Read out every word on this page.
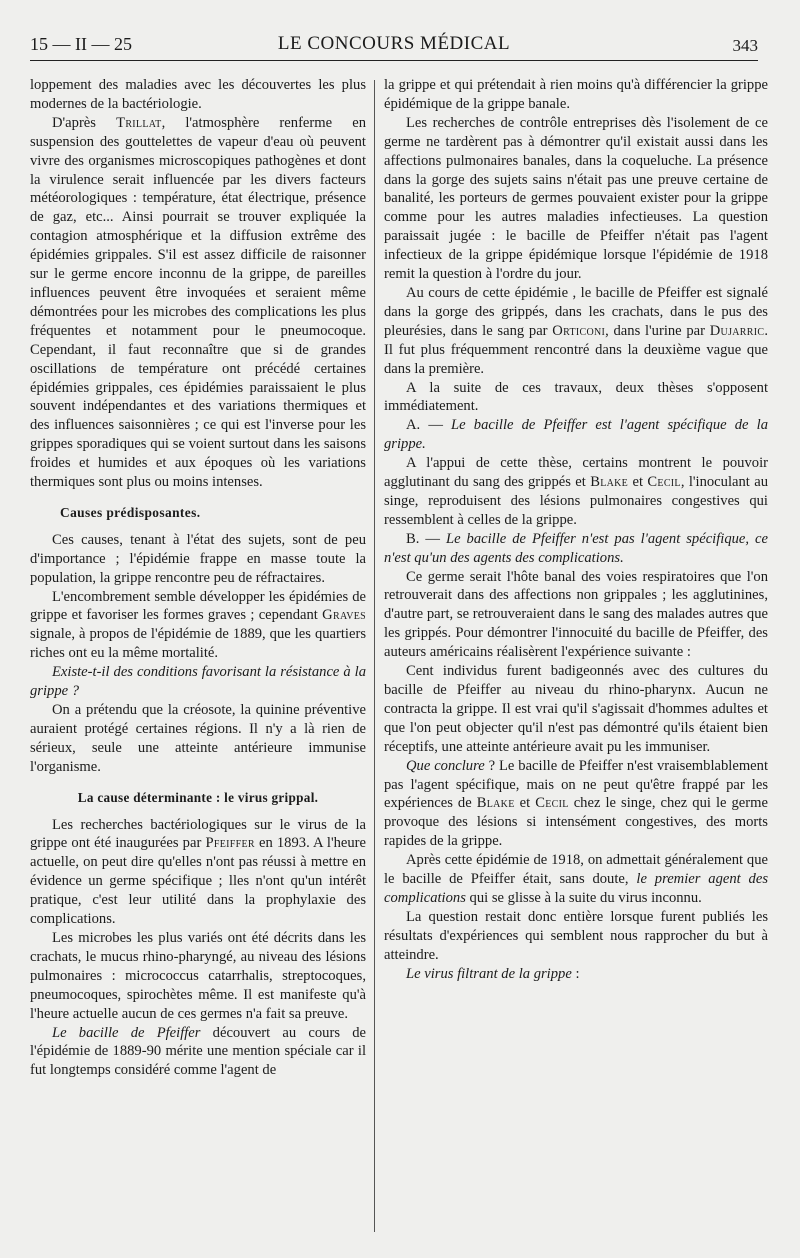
15 — II — 25	LE CONCOURS MÉDICAL	343

loppement des maladies avec les découvertes les plus modernes de la bactériologie.

D'après Trillat, l'atmosphère renferme en suspension des gouttelettes de vapeur d'eau où peuvent vivre des organismes microscopiques pathogènes et dont la virulence serait influencée par les divers facteurs météorologiques : température, état électrique, présence de gaz, etc... Ainsi pourrait se trouver expliquée la contagion atmosphérique et la diffusion extrême des épidémies grippales. S'il est assez difficile de raisonner sur le germe encore inconnu de la grippe, de pareilles influences peuvent être invoquées et seraient même démontrées pour les microbes des complications les plus fréquentes et notamment pour le pneumocoque. Cependant, il faut reconnaître que si de grandes oscillations de température ont précédé certaines épidémies grippales, ces épidémies paraissaient le plus souvent indépendantes et des variations thermiques et des influences saisonnières ; ce qui est l'inverse pour les grippes sporadiques qui se voient surtout dans les saisons froides et humides et aux époques où les variations thermiques sont plus ou moins intenses.

Causes prédisposantes.

Ces causes, tenant à l'état des sujets, sont de peu d'importance ; l'épidémie frappe en masse toute la population, la grippe rencontre peu de réfractaires.

L'encombrement semble développer les épidémies de grippe et favoriser les formes graves ; cependant Graves signale, à propos de l'épidémie de 1889, que les quartiers riches ont eu la même mortalité.

Existe-t-il des conditions favorisant la résistance à la grippe ?

On a prétendu que la créosote, la quinine préventive auraient protégé certaines régions. Il n'y a là rien de sérieux, seule une atteinte antérieure immunise l'organisme.

La cause déterminante : le virus grippal.

Les recherches bactériologiques sur le virus de la grippe ont été inaugurées par Pfeiffer en 1893. A l'heure actuelle, on peut dire qu'elles n'ont pas réussi à mettre en évidence un germe spécifique ; lles n'ont qu'un intérêt pratique, c'est leur utilité dans la prophylaxie des complications.

Les microbes les plus variés ont été décrits dans les crachats, le mucus rhino-pharyngé, au niveau des lésions pulmonaires : micrococcus catarrhalis, streptocoques, pneumocoques, spirochètes même. Il est manifeste qu'à l'heure actuelle aucun de ces germes n'a fait sa preuve.

Le bacille de Pfeiffer découvert au cours de l'épidémie de 1889-90 mérite une mention spéciale car il fut longtemps considéré comme l'agent de

la grippe et qui prétendait à rien moins qu'à différencier la grippe épidémique de la grippe banale.

Les recherches de contrôle entreprises dès l'isolement de ce germe ne tardèrent pas à démontrer qu'il existait aussi dans les affections pulmonaires banales, dans la coqueluche. La présence dans la gorge des sujets sains n'était pas une preuve certaine de banalité, les porteurs de germes pouvaient exister pour la grippe comme pour les autres maladies infectieuses. La question paraissait jugée : le bacille de Pfeiffer n'était pas l'agent infectieux de la grippe épidémique lorsque l'épidémie de 1918 remit la question à l'ordre du jour.

Au cours de cette épidémie , le bacille de Pfeiffer est signalé dans la gorge des grippés, dans les crachats, dans le pus des pleurésies, dans le sang par Orticoni, dans l'urine par Dujarric. Il fut plus fréquemment rencontré dans la deuxième vague que dans la première.

A la suite de ces travaux, deux thèses s'opposent immédiatement.

A. — Le bacille de Pfeiffer est l'agent spécifique de la grippe.

A l'appui de cette thèse, certains montrent le pouvoir agglutinant du sang des grippés et Blake et Cecil, l'inoculant au singe, reproduisent des lésions pulmonaires congestives qui ressemblent à celles de la grippe.

B. — Le bacille de Pfeiffer n'est pas l'agent spécifique, ce n'est qu'un des agents des complications.

Ce germe serait l'hôte banal des voies respiratoires que l'on retrouverait dans des affections non grippales ; les agglutinines, d'autre part, se retrouveraient dans le sang des malades autres que les grippés. Pour démontrer l'innocuité du bacille de Pfeiffer, des auteurs américains réalisèrent l'expérience suivante :

Cent individus furent badigeonnés avec des cultures du bacille de Pfeiffer au niveau du rhino-pharynx. Aucun ne contracta la grippe. Il est vrai qu'il s'agissait d'hommes adultes et que l'on peut objecter qu'il n'est pas démontré qu'ils étaient bien réceptifs, une atteinte antérieure avait pu les immuniser.

Que conclure ? Le bacille de Pfeiffer n'est vraisemblablement pas l'agent spécifique, mais on ne peut qu'être frappé par les expériences de Blake et Cecil chez le singe, chez qui le germe provoque des lésions si intensément congestives, des morts rapides de la grippe.

Après cette épidémie de 1918, on admettait généralement que le bacille de Pfeiffer était, sans doute, le premier agent des complications qui se glisse à la suite du virus inconnu.

La question restait donc entière lorsque furent publiés les résultats d'expériences qui semblent nous rapprocher du but à atteindre.

Le virus filtrant de la grippe :
